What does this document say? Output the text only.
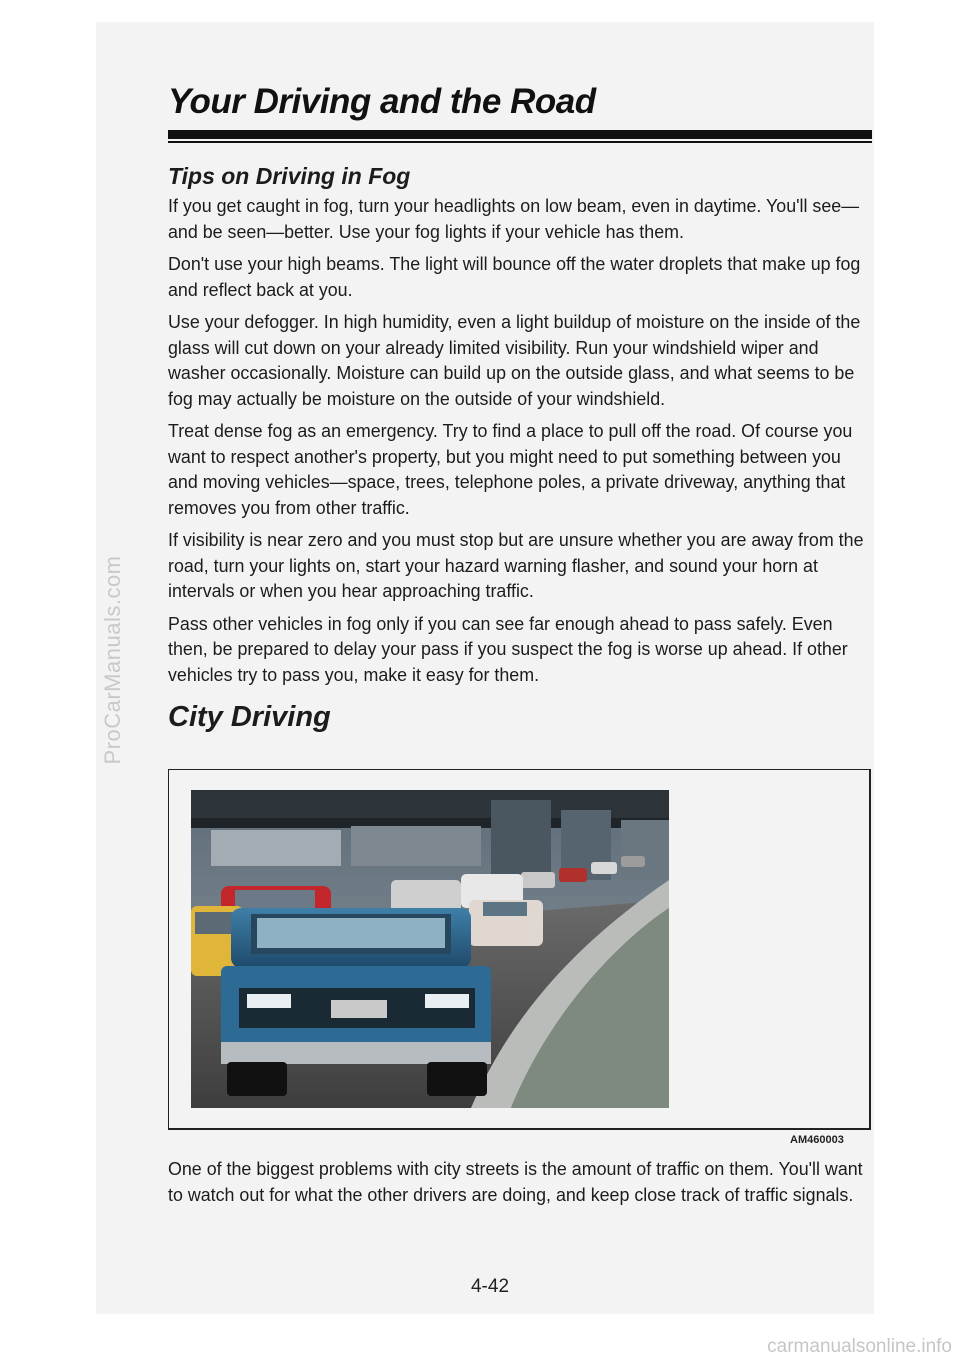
ProCarManuals.com
Your Driving and the Road
Tips on Driving in Fog

If you get caught in fog, turn your headlights on low beam, even in daytime. You'll see—and be seen—better. Use your fog lights if your vehicle has them.

Don't use your high beams. The light will bounce off the water droplets that make up fog and reflect back at you.

Use your defogger. In high humidity, even a light buildup of moisture on the inside of the glass will cut down on your already limited visibility. Run your windshield wiper and washer occasionally. Moisture can build up on the outside glass, and what seems to be fog may actually be moisture on the outside of your windshield.

Treat dense fog as an emergency. Try to find a place to pull off the road. Of course you want to respect another's property, but you might need to put something between you and moving vehicles—space, trees, telephone poles, a private driveway, anything that removes you from other traffic.

If visibility is near zero and you must stop but are unsure whether you are away from the road, turn your lights on, start your hazard warning flasher, and sound your horn at intervals or when you hear approaching traffic.

Pass other vehicles in fog only if you can see far enough ahead to pass safely. Even then, be prepared to delay your pass if you suspect the fog is worse up ahead. If other vehicles try to pass you, make it easy for them.

City Driving
AM460003

One of the biggest problems with city streets is the amount of traffic on them. You'll want to watch out for what the other drivers are doing, and keep close track of traffic signals.

4-42
carmanualsonline.info
